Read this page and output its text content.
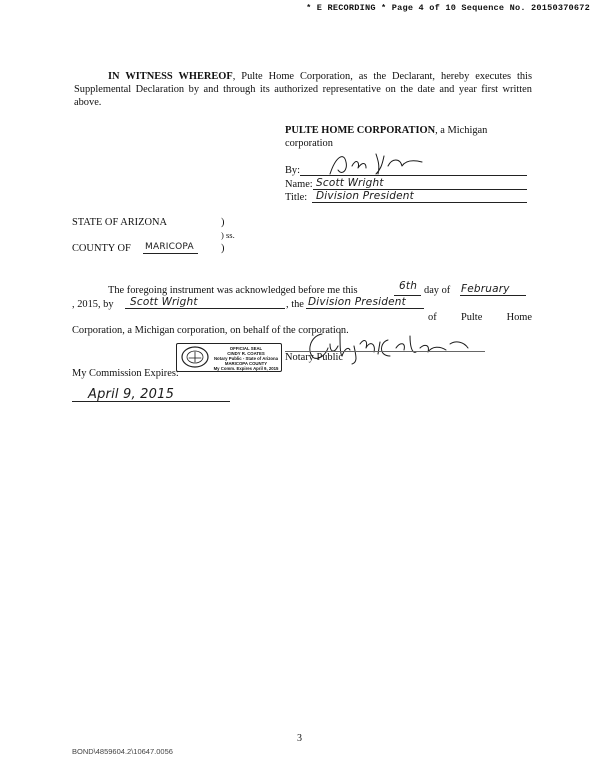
* E RECORDING * Page 4 of 10 Sequence No. 20150370672
IN WITNESS WHEREOF, Pulte Home Corporation, as the Declarant, hereby executes this Supplemental Declaration by and through its authorized representative on the date and year first written above.
PULTE HOME CORPORATION, a Michigan
corporation
By:
Name: Scott Wright
Title: Division President
STATE OF ARIZONA	)
) ss.
COUNTY OF MARICOPA	)
The foregoing instrument was acknowledged before me this	6th day of February
, 2015, by Scott Wright	, the Division President
of Pulte Home Corporation, a Michigan corporation, on behalf of the corporation.
OFFICIAL SEAL
CINDY R. COATES
Notary Public - State of Arizona
MARICOPA COUNTY
My Comm. Expires April 9, 2015
Notary Public
My Commission Expires:
April 9, 2015
3
BOND\4859604.2\10647.0056
